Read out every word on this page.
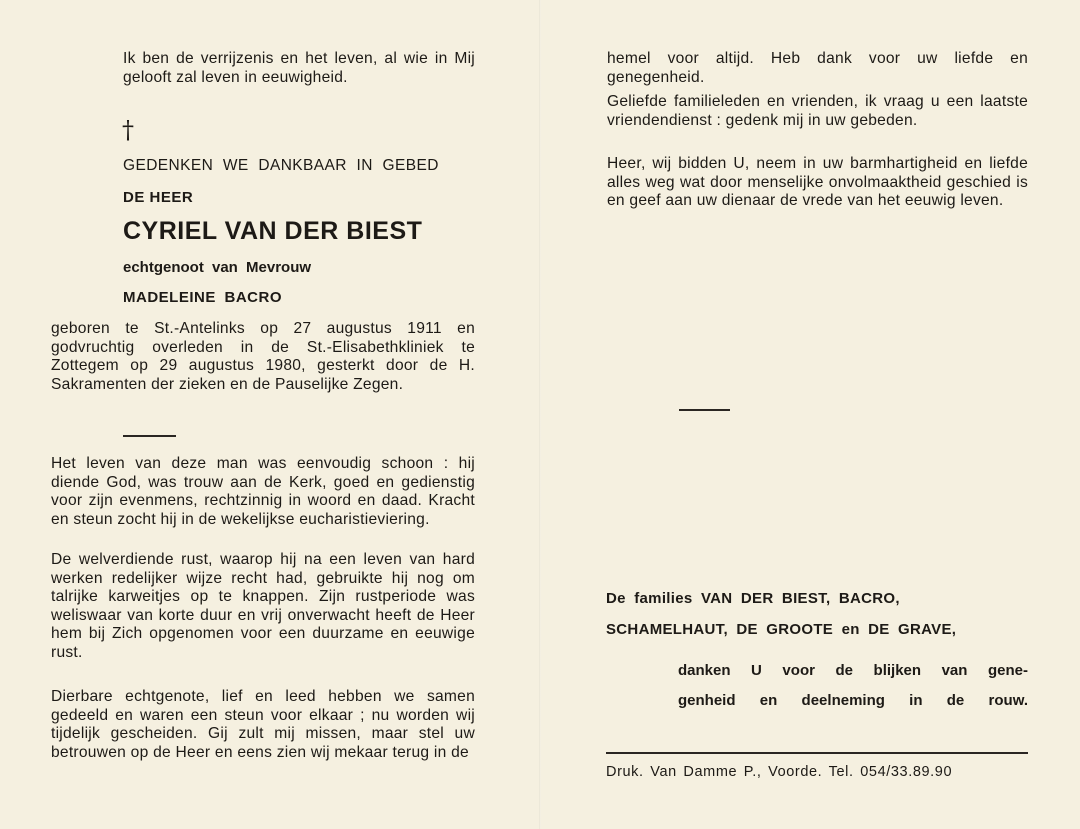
Ik ben de verrijzenis en het leven, al wie in Mij gelooft zal leven in eeuwigheid.
†
GEDENKEN WE DANKBAAR IN GEBED
DE HEER
CYRIEL VAN DER BIEST
echtgenoot van Mevrouw
MADELEINE BACRO
geboren te St.-Antelinks op 27 augustus 1911 en godvruchtig overleden in de St.-Elisabethkliniek te Zottegem op 29 augustus 1980, gesterkt door de H. Sakramenten der zieken en de Pauselijke Zegen.
Het leven van deze man was eenvoudig schoon : hij diende God, was trouw aan de Kerk, goed en gedienstig voor zijn evenmens, rechtzinnig in woord en daad. Kracht en steun zocht hij in de wekelijkse eucharistieviering.
De welverdiende rust, waarop hij na een leven van hard werken redelijker wijze recht had, gebruikte hij nog om talrijke karweitjes op te knappen. Zijn rustperiode was weliswaar van korte duur en vrij onverwacht heeft de Heer hem bij Zich opgenomen voor een duurzame en eeuwige rust.
Dierbare echtgenote, lief en leed hebben we samen gedeeld en waren een steun voor elkaar ; nu worden wij tijdelijk gescheiden. Gij zult mij missen, maar stel uw betrouwen op de Heer en eens zien wij mekaar terug in de
hemel voor altijd. Heb dank voor uw liefde en genegenheid.
Geliefde familieleden en vrienden, ik vraag u een laatste vriendendienst : gedenk mij in uw gebeden.
Heer, wij bidden U, neem in uw barmhartigheid en liefde alles weg wat door menselijke onvolmaaktheid geschied is en geef aan uw dienaar de vrede van het eeuwig leven.
De families VAN DER BIEST, BACRO,
SCHAMELHAUT, DE GROOTE en DE GRAVE,
danken U voor de blijken van gene-
genheid en deelneming in de rouw.
Druk. Van Damme P., Voorde. Tel. 054/33.89.90
